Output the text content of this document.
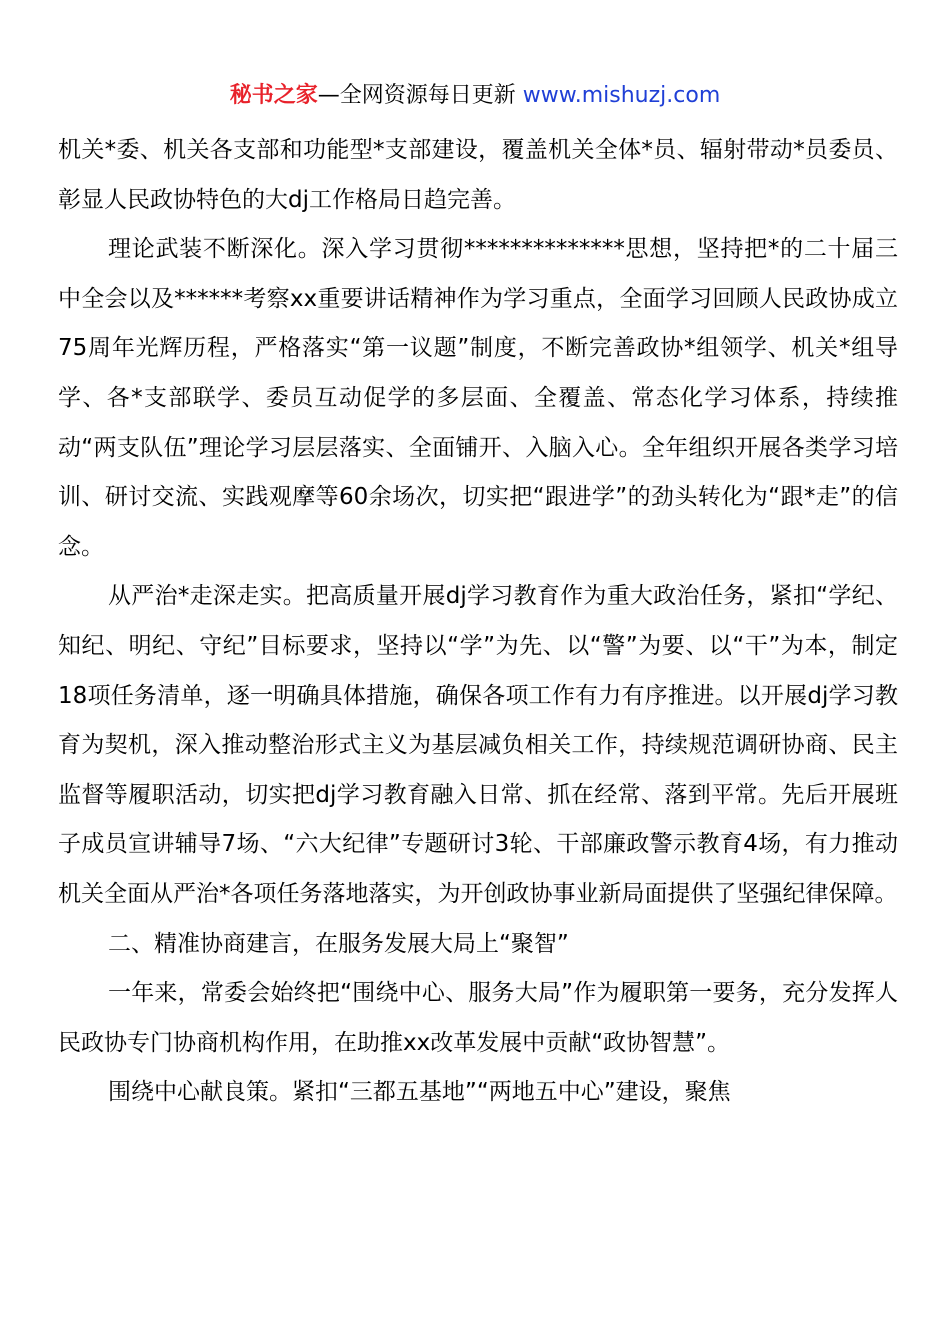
秘书之家—全网资源每日更新 www.mishuzj.com

机关*委、机关各支部和功能型*支部建设，覆盖机关全体*员、辐射带动*员委员、彰显人民政协特色的大dj工作格局日趋完善。

理论武装不断深化。深入学习贯彻**************思想，坚持把*的二十届三中全会以及******考察xx重要讲话精神作为学习重点，全面学习回顾人民政协成立75周年光辉历程，严格落实“第一议题”制度，不断完善政协*组领学、机关*组导学、各*支部联学、委员互动促学的多层面、全覆盖、常态化学习体系，持续推动“两支队伍”理论学习层层落实、全面铺开、入脑入心。全年组织开展各类学习培训、研讨交流、实践观摩等60余场次，切实把“跟进学”的劲头转化为“跟*走”的信念。

从严治*走深走实。把高质量开展dj学习教育作为重大政治任务，紧扣“学纪、知纪、明纪、守纪”目标要求，坚持以“学”为先、以“警”为要、以“干”为本，制定18项任务清单，逐一明确具体措施，确保各项工作有力有序推进。以开展dj学习教育为契机，深入推动整治形式主义为基层减负相关工作，持续规范调研协商、民主监督等履职活动，切实把dj学习教育融入日常、抓在经常、落到平常。先后开展班子成员宣讲辅导7场、“六大纪律”专题研讨3轮、干部廉政警示教育4场，有力推动机关全面从严治*各项任务落地落实，为开创政协事业新局面提供了坚强纪律保障。

二、精准协商建言，在服务发展大局上“聚智”

一年来，常委会始终把“围绕中心、服务大局”作为履职第一要务，充分发挥人民政协专门协商机构作用，在助推xx改革发展中贡献“政协智慧”。

围绕中心献良策。紧扣“三都五基地”“两地五中心”建设，聚焦
